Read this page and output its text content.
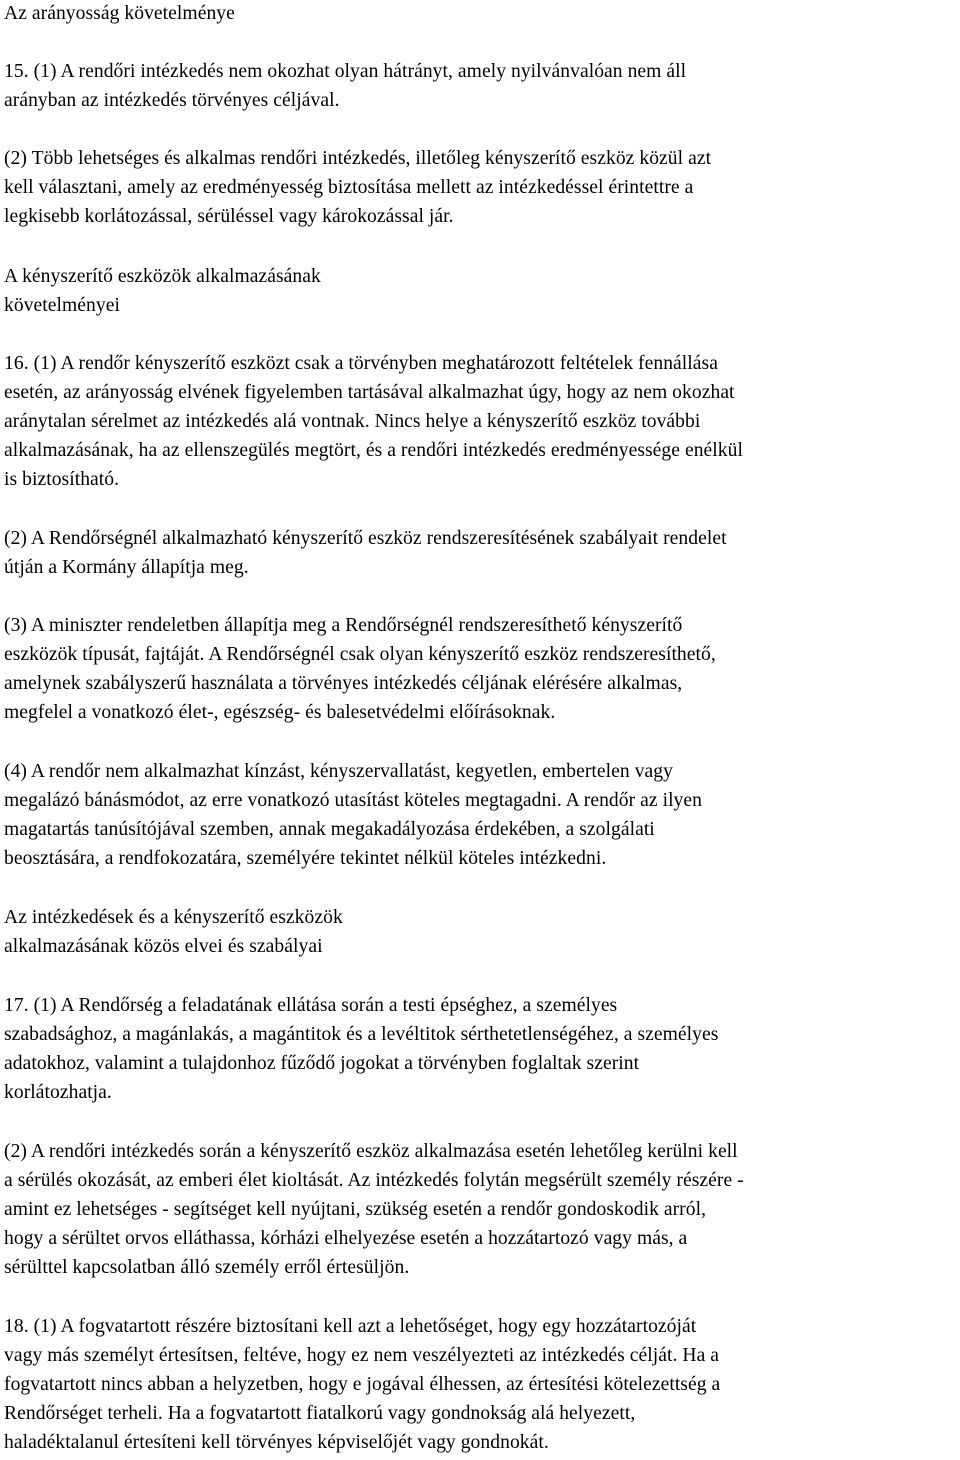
Az arányosság követelménye
15. (1) A rendőri intézkedés nem okozhat olyan hátrányt, amely nyilvánvalóan nem áll
arányban az intézkedés törvényes céljával.
(2) Több lehetséges és alkalmas rendőri intézkedés, illetőleg kényszerítő eszköz közül azt
kell választani, amely az eredményesség biztosítása mellett az intézkedéssel érintettre a
legkisebb korlátozással, sérüléssel vagy károkozással jár.
A kényszerítő eszközök alkalmazásának
követelményei
16. (1) A rendőr kényszerítő eszközt csak a törvényben meghatározott feltételek fennállása
esetén, az arányosság elvének figyelemben tartásával alkalmazhat úgy, hogy az nem okozhat
aránytalan sérelmet az intézkedés alá vontnak. Nincs helye a kényszerítő eszköz további
alkalmazásának, ha az ellenszegülés megtört, és a rendőri intézkedés eredményessége enélkül
is biztosítható.
(2) A Rendőrségnél alkalmazható kényszerítő eszköz rendszeresítésének szabályait rendelet
útján a Kormány állapítja meg.
(3) A miniszter rendeletben állapítja meg a Rendőrségnél rendszeresíthető kényszerítő
eszközök típusát, fajtáját. A Rendőrségnél csak olyan kényszerítő eszköz rendszeresíthető,
amelynek szabályszerű használata a törvényes intézkedés céljának elérésére alkalmas,
megfelel a vonatkozó élet-, egészség- és balesetvédelmi előírásoknak.
(4) A rendőr nem alkalmazhat kínzást, kényszervallatást, kegyetlen, embertelen vagy
megalázó bánásmódot, az erre vonatkozó utasítást köteles megtagadni. A rendőr az ilyen
magatartás tanúsítójával szemben, annak megakadályozása érdekében, a szolgálati
beosztására, a rendfokozatára, személyére tekintet nélkül köteles intézkedni.
Az intézkedések és a kényszerítő eszközök
alkalmazásának közös elvei és szabályai
17. (1) A Rendőrség a feladatának ellátása során a testi épséghez, a személyes
szabadsághoz, a magánlakás, a magántitok és a levéltitok sérthetetlenségéhez, a személyes
adatokhoz, valamint a tulajdonhoz fűződő jogokat a törvényben foglaltak szerint
korlátozhatja.
(2) A rendőri intézkedés során a kényszerítő eszköz alkalmazása esetén lehetőleg kerülni kell
a sérülés okozását, az emberi élet kioltását. Az intézkedés folytán megsérült személy részére -
amint ez lehetséges - segítséget kell nyújtani, szükség esetén a rendőr gondoskodik arról,
hogy a sérültet orvos elláthassa, kórházi elhelyezése esetén a hozzátartozó vagy más, a
sérülttel kapcsolatban álló személy erről értesüljön.
18. (1) A fogvatartott részére biztosítani kell azt a lehetőséget, hogy egy hozzátartozóját
vagy más személyt értesítsen, feltéve, hogy ez nem veszélyezteti az intézkedés célját. Ha a
fogvatartott nincs abban a helyzetben, hogy e jogával élhessen, az értesítési kötelezettség a
Rendőrséget terheli. Ha a fogvatartott fiatalkorú vagy gondnokság alá helyezett,
haladéktalanul értesíteni kell törvényes képviselőjét vagy gondnokát.
